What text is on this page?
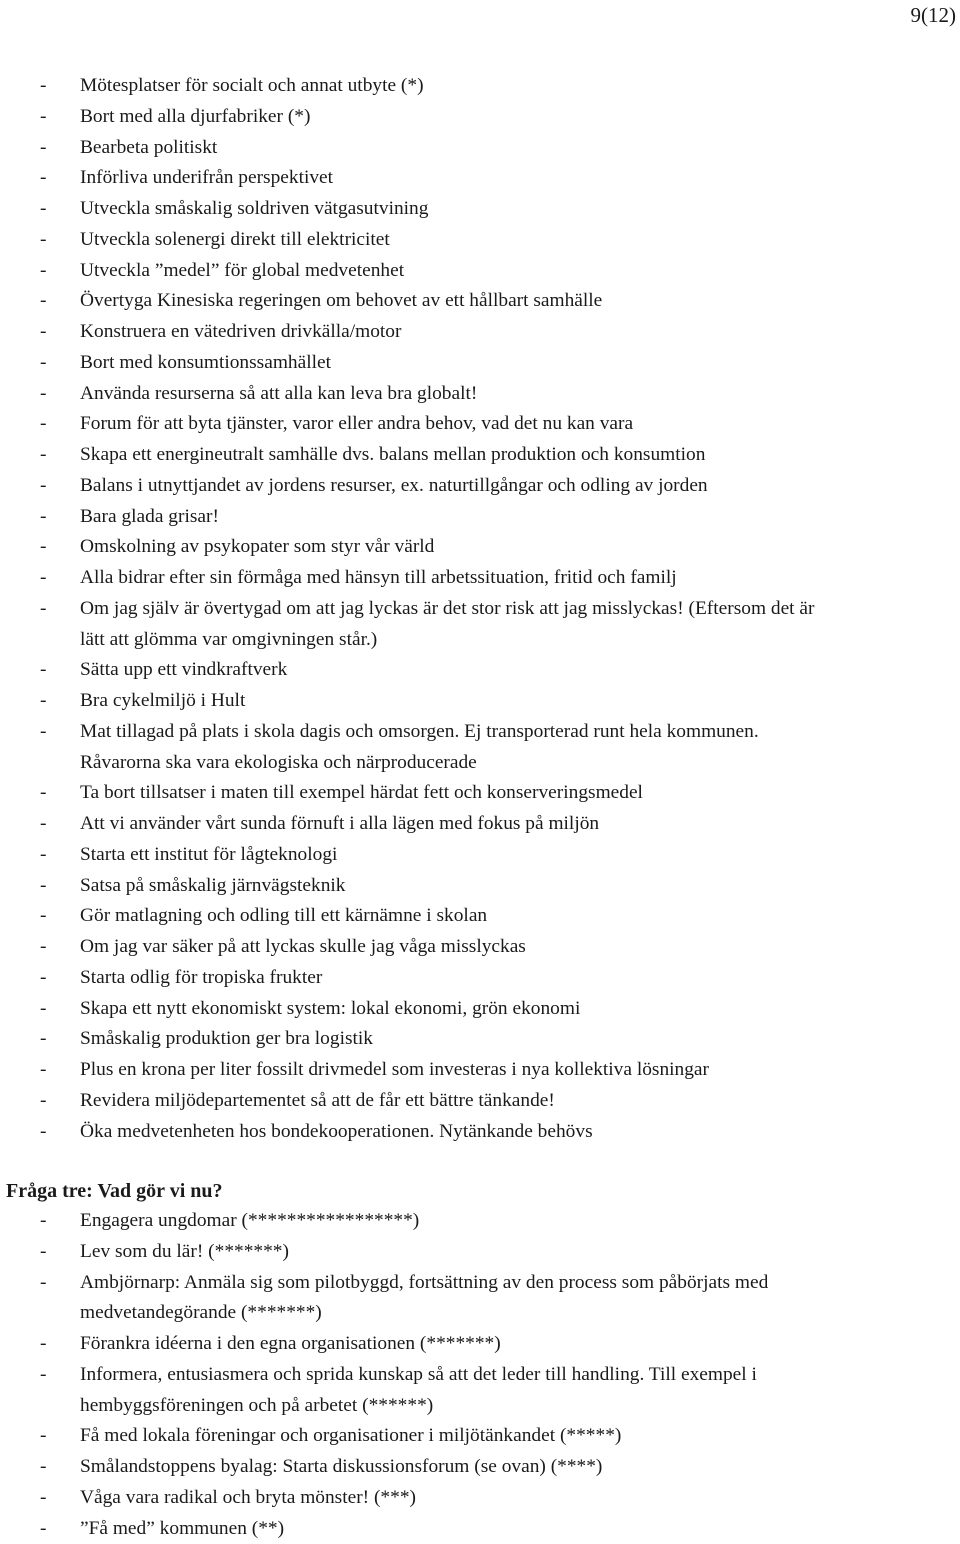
9(12)
- Mötesplatser för socialt och annat utbyte (*)
- Bort med alla djurfabriker (*)
- Bearbeta politiskt
- Införliva underifrån perspektivet
- Utveckla småskalig soldriven vätgasutvining
- Utveckla solenergi direkt till elektricitet
- Utveckla ”medel” för global medvetenhet
- Övertyga Kinesiska regeringen om behovet av ett hållbart samhälle
- Konstruera en vätedriven drivkälla/motor
- Bort med konsumtionssamhället
- Använda resurserna så att alla kan leva bra globalt!
- Forum för att byta tjänster, varor eller andra behov, vad det nu kan vara
- Skapa ett energineutralt samhälle dvs. balans mellan produktion och konsumtion
- Balans i utnyttjandet av jordens resurser, ex. naturtillgångar och odling av jorden
- Bara glada grisar!
- Omskolning av psykopater som styr vår värld
- Alla bidrar efter sin förmåga med hänsyn till arbetssituation, fritid och familj
- Om jag själv är övertygad om att jag lyckas är det stor risk att jag misslyckas! (Eftersom det är
lätt att glömma var omgivningen står.)
- Sätta upp ett vindkraftverk
- Bra cykelmiljö i Hult
- Mat tillagad på plats i skola dagis och omsorgen. Ej transporterad runt hela kommunen.
Råvarorna ska vara ekologiska och närproducerade
- Ta bort tillsatser i maten till exempel härdat fett och konserveringsmedel
- Att vi använder vårt sunda förnuft i alla lägen med fokus på miljön
- Starta ett institut för lågteknologi
- Satsa på småskalig järnvägsteknik
- Gör matlagning och odling till ett kärnämne i skolan
- Om jag var säker på att lyckas skulle jag våga misslyckas
- Starta odlig för tropiska frukter
- Skapa ett nytt ekonomiskt system: lokal ekonomi, grön ekonomi
- Småskalig produktion ger bra logistik
- Plus en krona per liter fossilt drivmedel som investeras i nya kollektiva lösningar
- Revidera miljödepartementet så att de får ett bättre tänkande!
- Öka medvetenheten hos bondekooperationen. Nytänkande behövs
Fråga tre: Vad gör vi nu?
- Engagera ungdomar (*****************)
- Lev som du lär! (*******)
- Ambjörnarp: Anmäla sig som pilotbyggd, fortsättning av den process som påbörjats med
medvetandegörande (*******)
- Förankra idéerna i den egna organisationen (*******)
- Informera, entusiasmera och sprida kunskap så att det leder till handling. Till exempel i
hembyggsföreningen och på arbetet (******)
- Få med lokala föreningar och organisationer i miljötänkandet (*****)
- Smålandstoppens byalag: Starta diskussionsforum (se ovan) (****)
- Våga vara radikal och bryta mönster! (***)
- ”Få med” kommunen (**)
